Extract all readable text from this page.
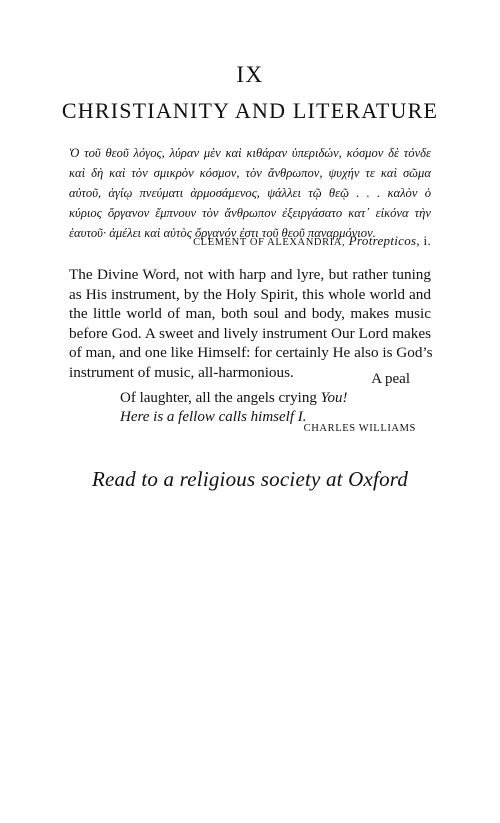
IX
CHRISTIANITY AND LITERATURE
Ὁ τοῦ θεοῦ λόγος, λύραν μὲν καὶ κιθάραν ὑπεριδών, κόσμον δὲ τόνδε
καὶ δὴ καὶ τὸν σμικρὸν κόσμον, τὸν ἄνθρωπον, ψυχήν τε καὶ σῶμα
αὐτοῦ, ἁγίῳ πνεύματι ἁρμοσάμενος, ψάλλει τῷ θεῷ . . . καλὸν ὁ
κύριος ὄργανον ἔμπνουν τὸν ἄνθρωπον ἐξειργάσατο κατ᾽ εἰκόνα τὴν
ἑαυτοῦ· ἀμέλει καὶ αὐτὸς ὄργανόν ἐστι τοῦ θεοῦ παναρμόνιον.
CLEMENT OF ALEXANDRIA, Protrepticos, i.
The Divine Word, not with harp and lyre, but rather tuning
as His instrument, by the Holy Spirit, this whole world and
the little world of man, both soul and body, makes music
before God. A sweet and lively instrument Our Lord makes
of man, and one like Himself: for certainly He also is God’s
instrument of music, all-harmonious.	A peal
Of laughter, all the angels crying You!
Here is a fellow calls himself I.
CHARLES WILLIAMS
Read to a religious society at Oxford
